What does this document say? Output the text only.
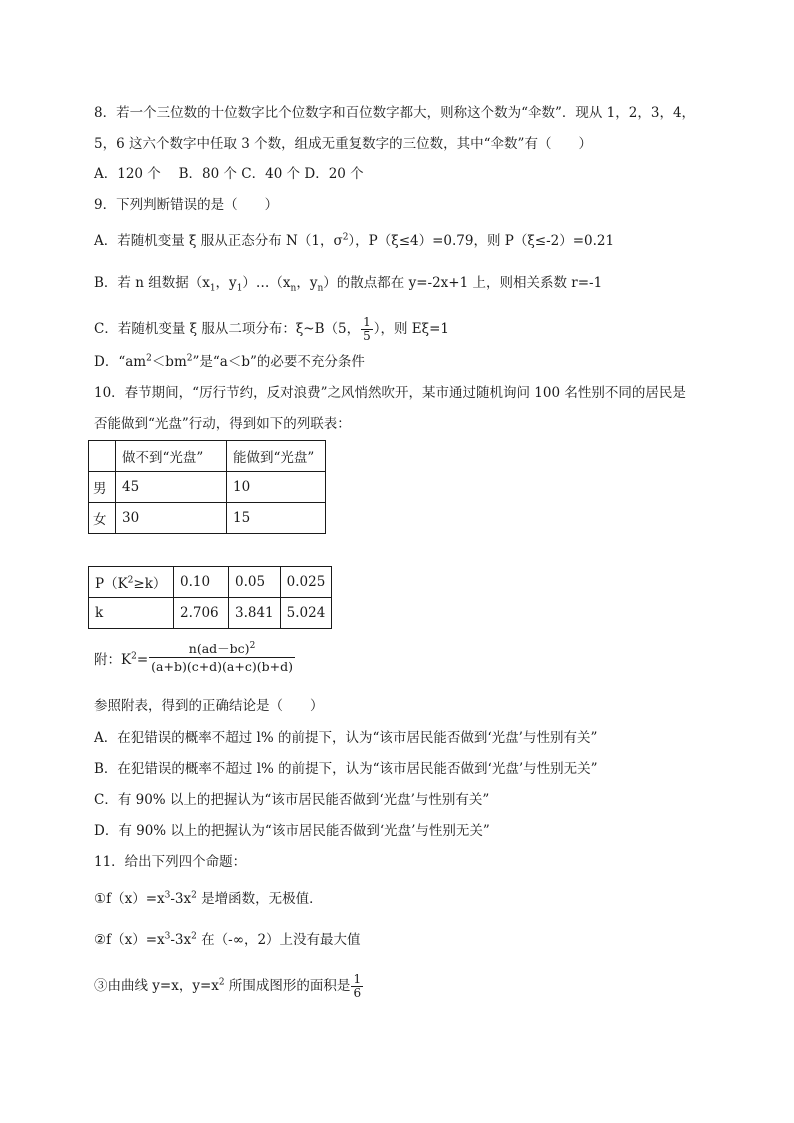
8．若一个三位数的十位数字比个位数字和百位数字都大，则称这个数为“伞数”．现从 1，2，3，4，
5，6 这六个数字中任取 3 个数，组成无重复数字的三位数，其中“伞数”有（　　）
A．120 个　 B．80 个 C．40 个 D．20 个
9．下列判断错误的是（　　）
A．若随机变量 ξ 服从正态分布 N（1，$\sigma^2$），P（ξ≤4）=0.79，则 P（ξ≤-2）=0.21
B．若 n 组数据（$x_1$，$y_1)\dots(x_n$，$y_n$）的散点都在 y=-2x+1 上，则相关系数 r=-1
C．若随机变量 ξ 服从二项分布：ξ~B（5， $\frac{1}{5}$ ），则 Eξ=1
D．“$am^2<bm^2$”是“a＜b”的必要不充分条件
10．春节期间，“厉行节约，反对浪费”之风悄然吹开，某市通过随机询问 100 名性别不同的居民是
否能做到“光盘”行动，得到如下的列联表：
	做不到“光盘”	能做到“光盘”
男	45	10
女	30	15
$P(K^2\ge k)$	0.10	0.05	0.025
k	2.706	3.841	5.024
附：$K^2= \frac{n(ad-bc)^2}{(a+b)(c+d)(a+c)(b+d)}$
参照附表，得到的正确结论是（　　）
A．在犯错误的概率不超过 l% 的前提下，认为“该市居民能否做到‘光盘’与性别有关”
B．在犯错误的概率不超过 l% 的前提下，认为“该市居民能否做到‘光盘’与性别无关”
C．有 90% 以上的把握认为“该市居民能否做到‘光盘’与性别有关”
D．有 90% 以上的把握认为“该市居民能否做到‘光盘’与性别无关”
11．给出下列四个命题：
$①f(x)=x^3-3x^2$ 是增函数，无极值．
$②f(x)=x^3-3x^2$ 在（-∞，2）上没有最大值
③由曲线 y=x，$y=x^2$ 所围成图形的面积是 $\frac{1}{6}$
